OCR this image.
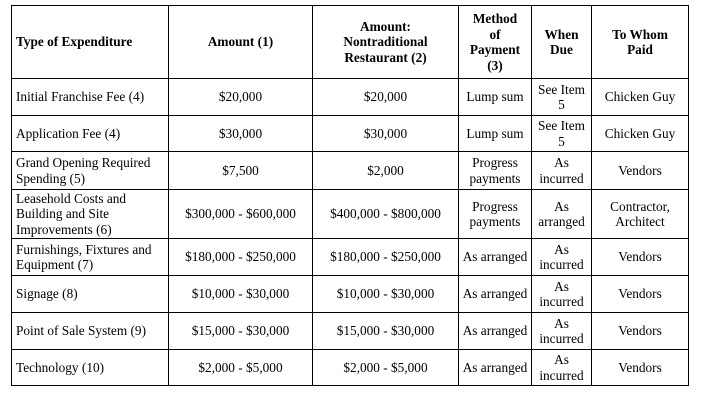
Type of Expenditure	Amount (1)	Amount: Nontraditional Restaurant (2)	Method of Payment (3)	When Due	To Whom Paid
Initial Franchise Fee (4)	$20,000	$20,000	Lump sum	See Item 5	Chicken Guy
Application Fee (4)	$30,000	$30,000	Lump sum	See Item 5	Chicken Guy
Grand Opening Required Spending (5)	$7,500	$2,000	Progress payments	As incurred	Vendors
Leasehold Costs and Building and Site Improvements (6)	$300,000 - $600,000	$400,000 - $800,000	Progress payments	As arranged	Contractor, Architect
Furnishings, Fixtures and Equipment (7)	$180,000 - $250,000	$180,000 - $250,000	As arranged	As incurred	Vendors
Signage (8)	$10,000 - $30,000	$10,000 - $30,000	As arranged	As incurred	Vendors
Point of Sale System (9)	$15,000 - $30,000	$15,000 - $30,000	As arranged	As incurred	Vendors
Technology (10)	$2,000 - $5,000	$2,000 - $5,000	As arranged	As incurred	Vendors
